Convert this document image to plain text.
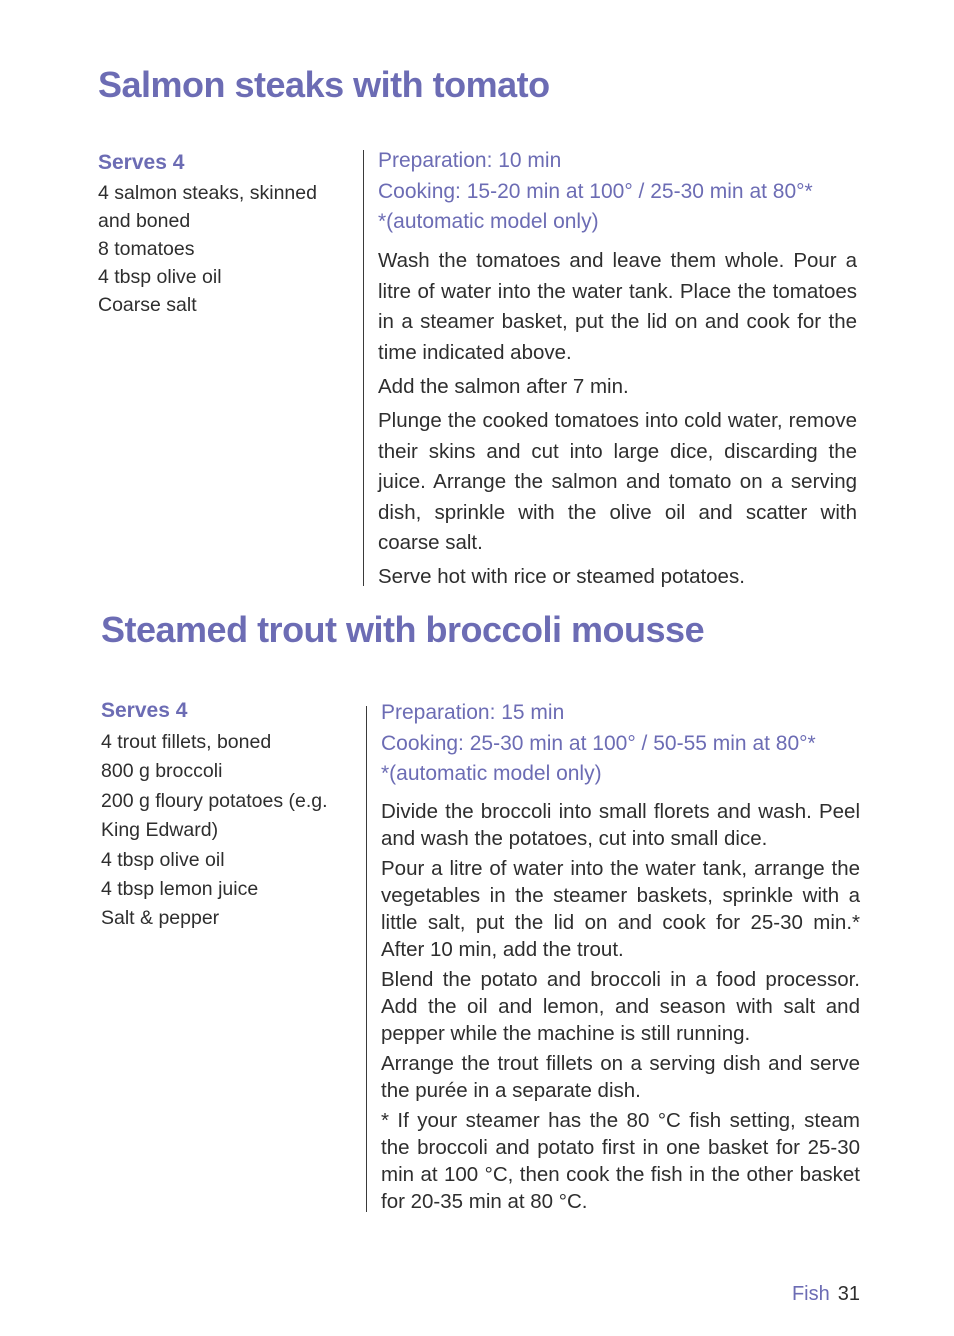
Salmon steaks with tomato
Serves 4
4 salmon steaks, skinned and boned
8 tomatoes
4 tbsp olive oil
Coarse salt
Preparation: 10 min
Cooking: 15-20 min at 100° / 25-30 min at 80°*
*(automatic model only)

Wash the tomatoes and leave them whole. Pour a litre of water into the water tank. Place the tomatoes in a steamer basket, put the lid on and cook for the time indicated above.

Add the salmon after 7 min.

Plunge the cooked tomatoes into cold water, remove their skins and cut into large dice, discarding the juice. Arrange the salmon and tomato on a serving dish, sprinkle with the olive oil and scatter with coarse salt.

Serve hot with rice or steamed potatoes.

Steamed trout with broccoli mousse
Serves 4
4 trout fillets, boned
800 g broccoli
200 g floury potatoes (e.g. King Edward)
4 tbsp olive oil
4 tbsp lemon juice
Salt & pepper
Preparation: 15 min
Cooking: 25-30 min at 100° / 50-55 min at 80°*
*(automatic model only)

Divide the broccoli into small florets and wash. Peel and wash the potatoes, cut into small dice.

Pour a litre of water into the water tank, arrange the vegetables in the steamer baskets, sprinkle with a little salt, put the lid on and cook for 25-30 min.* After 10 min, add the trout.

Blend the potato and broccoli in a food processor. Add the oil and lemon, and season with salt and pepper while the machine is still running.

Arrange the trout fillets on a serving dish and serve the purée in a separate dish.

* If your steamer has the 80 °C fish setting, steam the broccoli and potato first in one basket for 25-30 min at 100 °C, then cook the fish in the other basket for 20-35 min at 80 °C.

Fish 31
